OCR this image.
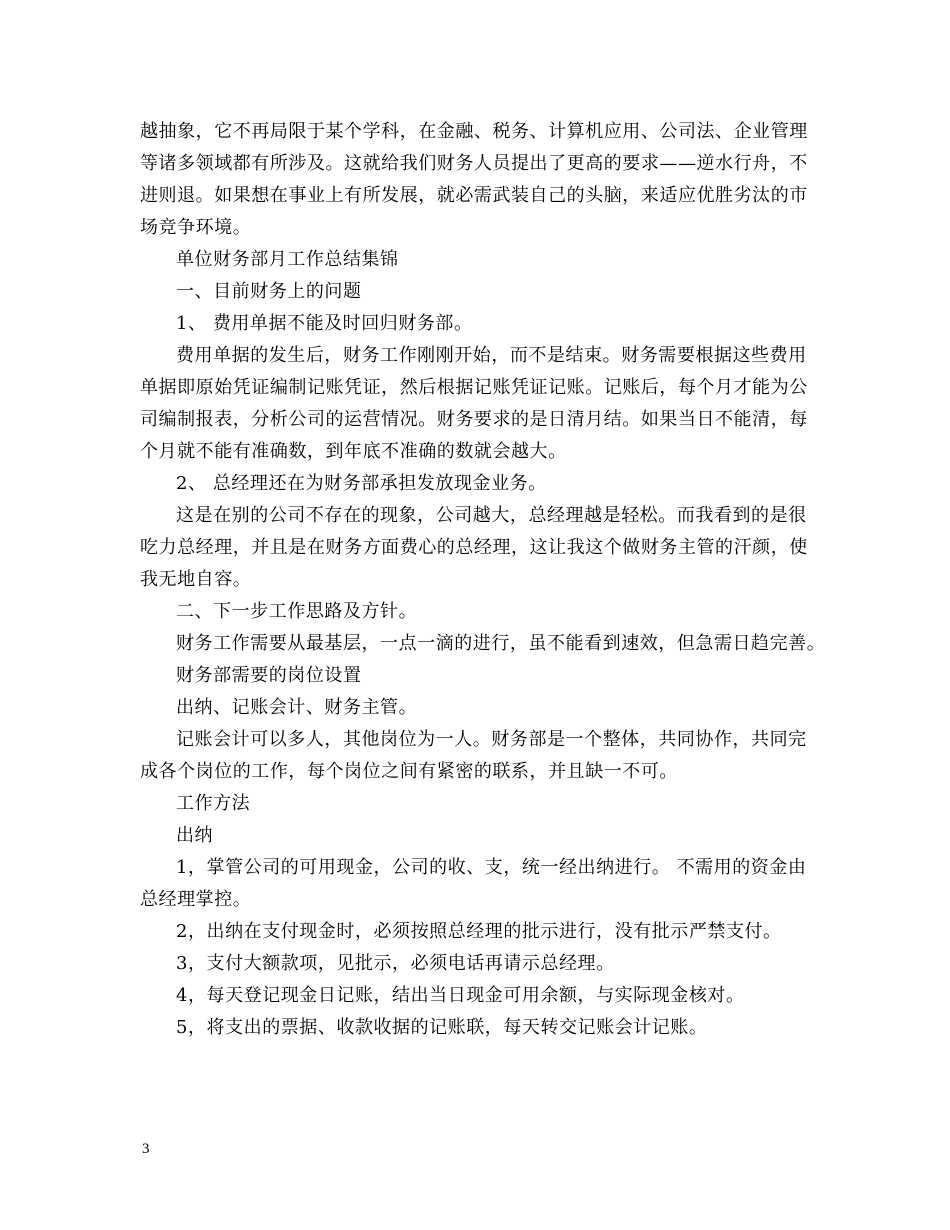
越抽象，它不再局限于某个学科，在金融、税务、计算机应用、公司法、企业管理
等诸多领域都有所涉及。这就给我们财务人员提出了更高的要求——逆水行舟，不
进则退。如果想在事业上有所发展，就必需武装自己的头脑，来适应优胜劣汰的市
场竞争环境。
单位财务部月工作总结集锦
一、目前财务上的问题
1、 费用单据不能及时回归财务部。
费用单据的发生后，财务工作刚刚开始，而不是结束。财务需要根据这些费用
单据即原始凭证编制记账凭证，然后根据记账凭证记账。记账后，每个月才能为公
司编制报表，分析公司的运营情况。财务要求的是日清月结。如果当日不能清，每
个月就不能有准确数，到年底不准确的数就会越大。
2、 总经理还在为财务部承担发放现金业务。
这是在别的公司不存在的现象，公司越大，总经理越是轻松。而我看到的是很
吃力总经理，并且是在财务方面费心的总经理，这让我这个做财务主管的汗颜，使
我无地自容。
二、下一步工作思路及方针。
财务工作需要从最基层，一点一滴的进行，虽不能看到速效，但急需日趋完善。
财务部需要的岗位设置
出纳、记账会计、财务主管。
记账会计可以多人，其他岗位为一人。财务部是一个整体，共同协作，共同完
成各个岗位的工作，每个岗位之间有紧密的联系，并且缺一不可。
工作方法
出纳
1，掌管公司的可用现金，公司的收、支，统一经出纳进行。 不需用的资金由
总经理掌控。
2，出纳在支付现金时，必须按照总经理的批示进行，没有批示严禁支付。
3，支付大额款项，见批示，必须电话再请示总经理。
4，每天登记现金日记账，结出当日现金可用余额，与实际现金核对。
5，将支出的票据、收款收据的记账联，每天转交记账会计记账。
3
